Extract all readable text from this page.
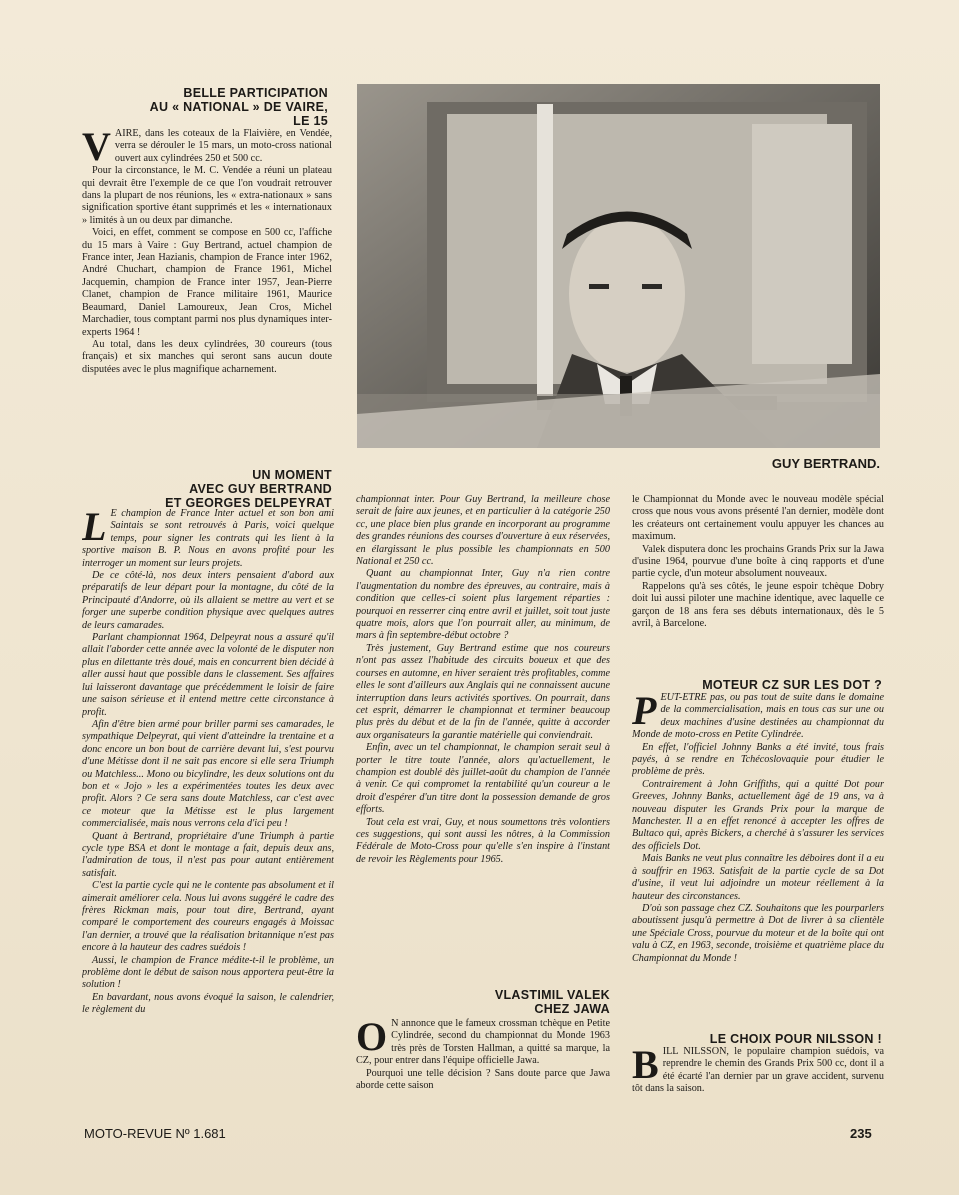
BELLE PARTICIPATION
AU « NATIONAL » DE VAIRE,
LE 15

VAIRE, dans les coteaux de la Flaivière, en Vendée, verra se dérouler le 15 mars, un moto-cross national ouvert aux cylindrées 250 et 500 cc.

Pour la circonstance, le M. C. Vendée a réuni un plateau qui devrait être l'exemple de ce que l'on voudrait retrouver dans la plupart de nos réunions, les « extra-nationaux » sans signification sportive étant supprimés et les « internationaux » limités à un ou deux par dimanche.

Voici, en effet, comment se compose en 500 cc, l'affiche du 15 mars à Vaire : Guy Bertrand, actuel champion de France inter, Jean Hazianis, champion de France inter 1962, André Chuchart, champion de France 1961, Michel Jacquemin, champion de France inter 1957, Jean-Pierre Clanet, champion de France militaire 1961, Maurice Beaumard, Daniel Lamoureux, Jean Cros, Michel Marchadier, tous comptant parmi nos plus dynamiques inter-experts 1964 !

Au total, dans les deux cylindrées, 30 coureurs (tous français) et six manches qui seront sans aucun doute disputées avec le plus magnifique acharnement.

GUY BERTRAND.
UN MOMENT
AVEC GUY BERTRAND
ET GEORGES DELPEYRAT

L E champion de France Inter actuel et son bon ami Saintais se sont retrouvés à Paris, voici quelque temps, pour signer les contrats qui les lient à la sportive maison B. P. Nous en avons profité pour les interroger un moment sur leurs projets.

De ce côté-là, nos deux inters pensaient d'abord aux préparatifs de leur départ pour la montagne, du côté de la Principauté d'Andorre, où ils allaient se mettre au vert et se forger une superbe condition physique avec quelques autres de leurs camarades.

Parlant championnat 1964, Delpeyrat nous a assuré qu'il allait l'aborder cette année avec la volonté de le disputer non plus en dilettante très doué, mais en concurrent bien décidé à aller aussi haut que possible dans le classement. Ses affaires lui laisseront davantage que précédemment le loisir de faire une saison sérieuse et il entend mettre cette circonstance à profit.

Afin d'être bien armé pour briller parmi ses camarades, le sympathique Delpeyrat, qui vient d'atteindre la trentaine et a donc encore un bon bout de carrière devant lui, s'est pourvu d'une Métisse dont il ne sait pas encore si elle sera Triumph ou Matchless... Mono ou bicylindre, les deux solutions ont du bon et « Jojo » les a expérimentées toutes les deux avec profit. Alors ? Ce sera sans doute Matchless, car c'est avec ce moteur que la Métisse est le plus largement commercialisée, mais nous verrons cela d'ici peu !

Quant à Bertrand, propriétaire d'une Triumph à partie cycle type BSA et dont le montage a fait, depuis deux ans, l'admiration de tous, il n'est pas pour autant entièrement satisfait.

C'est la partie cycle qui ne le contente pas absolument et il aimerait améliorer cela. Nous lui avons suggéré le cadre des frères Rickman mais, pour tout dire, Bertrand, ayant comparé le comportement des coureurs engagés à Moissac l'an dernier, a trouvé que la réalisation britannique n'est pas encore à la hauteur des cadres suédois !

Aussi, le champion de France médite-t-il le problème, un problème dont le début de saison nous apportera peut-être la solution !

En bavardant, nous avons évoqué la saison, le calendrier, le règlement du

championnat inter. Pour Guy Bertrand, la meilleure chose serait de faire aux jeunes, et en particulier à la catégorie 250 cc, une place bien plus grande en incorporant au programme des grandes réunions des courses d'ouverture à eux réservées, en élargissant le plus possible les championnats en 500 National et 250 cc.

Quant au championnat Inter, Guy n'a rien contre l'augmentation du nombre des épreuves, au contraire, mais à condition que celles-ci soient plus largement réparties : pourquoi en resserrer cinq entre avril et juillet, soit tout juste quatre mois, alors que l'on pourrait aller, au minimum, de mars à fin septembre-début octobre ?

Très justement, Guy Bertrand estime que nos coureurs n'ont pas assez l'habitude des circuits boueux et que des courses en automne, en hiver seraient très profitables, comme elles le sont d'ailleurs aux Anglais qui ne connaissent aucune interruption dans leurs activités sportives. On pourrait, dans cet esprit, démarrer le championnat et terminer beaucoup plus près du début et de la fin de l'année, quitte à accorder aux organisateurs la garantie matérielle qui conviendrait.

Enfin, avec un tel championnat, le champion serait seul à porter le titre toute l'année, alors qu'actuellement, le champion est doublé dès juillet-août du champion de l'année à venir. Ce qui compromet la rentabilité qu'un coureur a le droit d'espérer d'un titre dont la possession demande de gros efforts.

Tout cela est vrai, Guy, et nous soumettons très volontiers ces suggestions, qui sont aussi les nôtres, à la Commission Fédérale de Moto-Cross pour qu'elle s'en inspire à l'instant de revoir les Règlements pour 1965.

VLASTIMIL VALEK
CHEZ JAWA

O N annonce que le fameux crossman tchèque en Petite Cylindrée, second du championnat du Monde 1963 très près de Torsten Hallman, a quitté sa marque, la CZ, pour entrer dans l'équipe officielle Jawa.

Pourquoi une telle décision ? Sans doute parce que Jawa aborde cette saison

le Championnat du Monde avec le nouveau modèle spécial cross que nous vous avons présenté l'an dernier, modèle dont les créateurs ont certainement voulu appuyer les chances au maximum.

Valek disputera donc les prochains Grands Prix sur la Jawa d'usine 1964, pourvue d'une boîte à cinq rapports et d'une partie cycle, d'un moteur absolument nouveaux.

Rappelons qu'à ses côtés, le jeune espoir tchèque Dobry doit lui aussi piloter une machine identique, avec laquelle ce garçon de 18 ans fera ses débuts internationaux, dès le 5 avril, à Barcelone.

MOTEUR CZ SUR LES DOT ?

PEUT-ETRE pas, ou pas tout de suite dans le domaine de la commercialisation, mais en tous cas sur une ou deux machines d'usine destinées au championnat du Monde de moto-cross en Petite Cylindrée.

En effet, l'officiel Johnny Banks a été invité, tous frais payés, à se rendre en Tchécoslovaquie pour étudier le problème de près.

Contrairement à John Griffiths, qui a quitté Dot pour Greeves, Johnny Banks, actuellement âgé de 19 ans, va à nouveau disputer les Grands Prix pour la marque de Manchester. Il a en effet renoncé à accepter les offres de Bultaco qui, après Bickers, a cherché à s'assurer les services des officiels Dot.

Mais Banks ne veut plus connaître les déboires dont il a eu à souffrir en 1963. Satisfait de la partie cycle de sa Dot d'usine, il veut lui adjoindre un moteur réellement à la hauteur des circonstances.

D'où son passage chez CZ. Souhaitons que les pourparlers aboutissent jusqu'à permettre à Dot de livrer à sa clientèle une Spéciale Cross, pourvue du moteur et de la boîte qui ont valu à CZ, en 1963, seconde, troisième et quatrième place du Championnat du Monde !

LE CHOIX POUR NILSSON !

BILL NILSSON, le populaire champion suédois, va reprendre le chemin des Grands Prix 500 cc, dont il a été écarté l'an dernier par un grave accident, survenu tôt dans la saison.

MOTO-REVUE Nº 1.681	235
